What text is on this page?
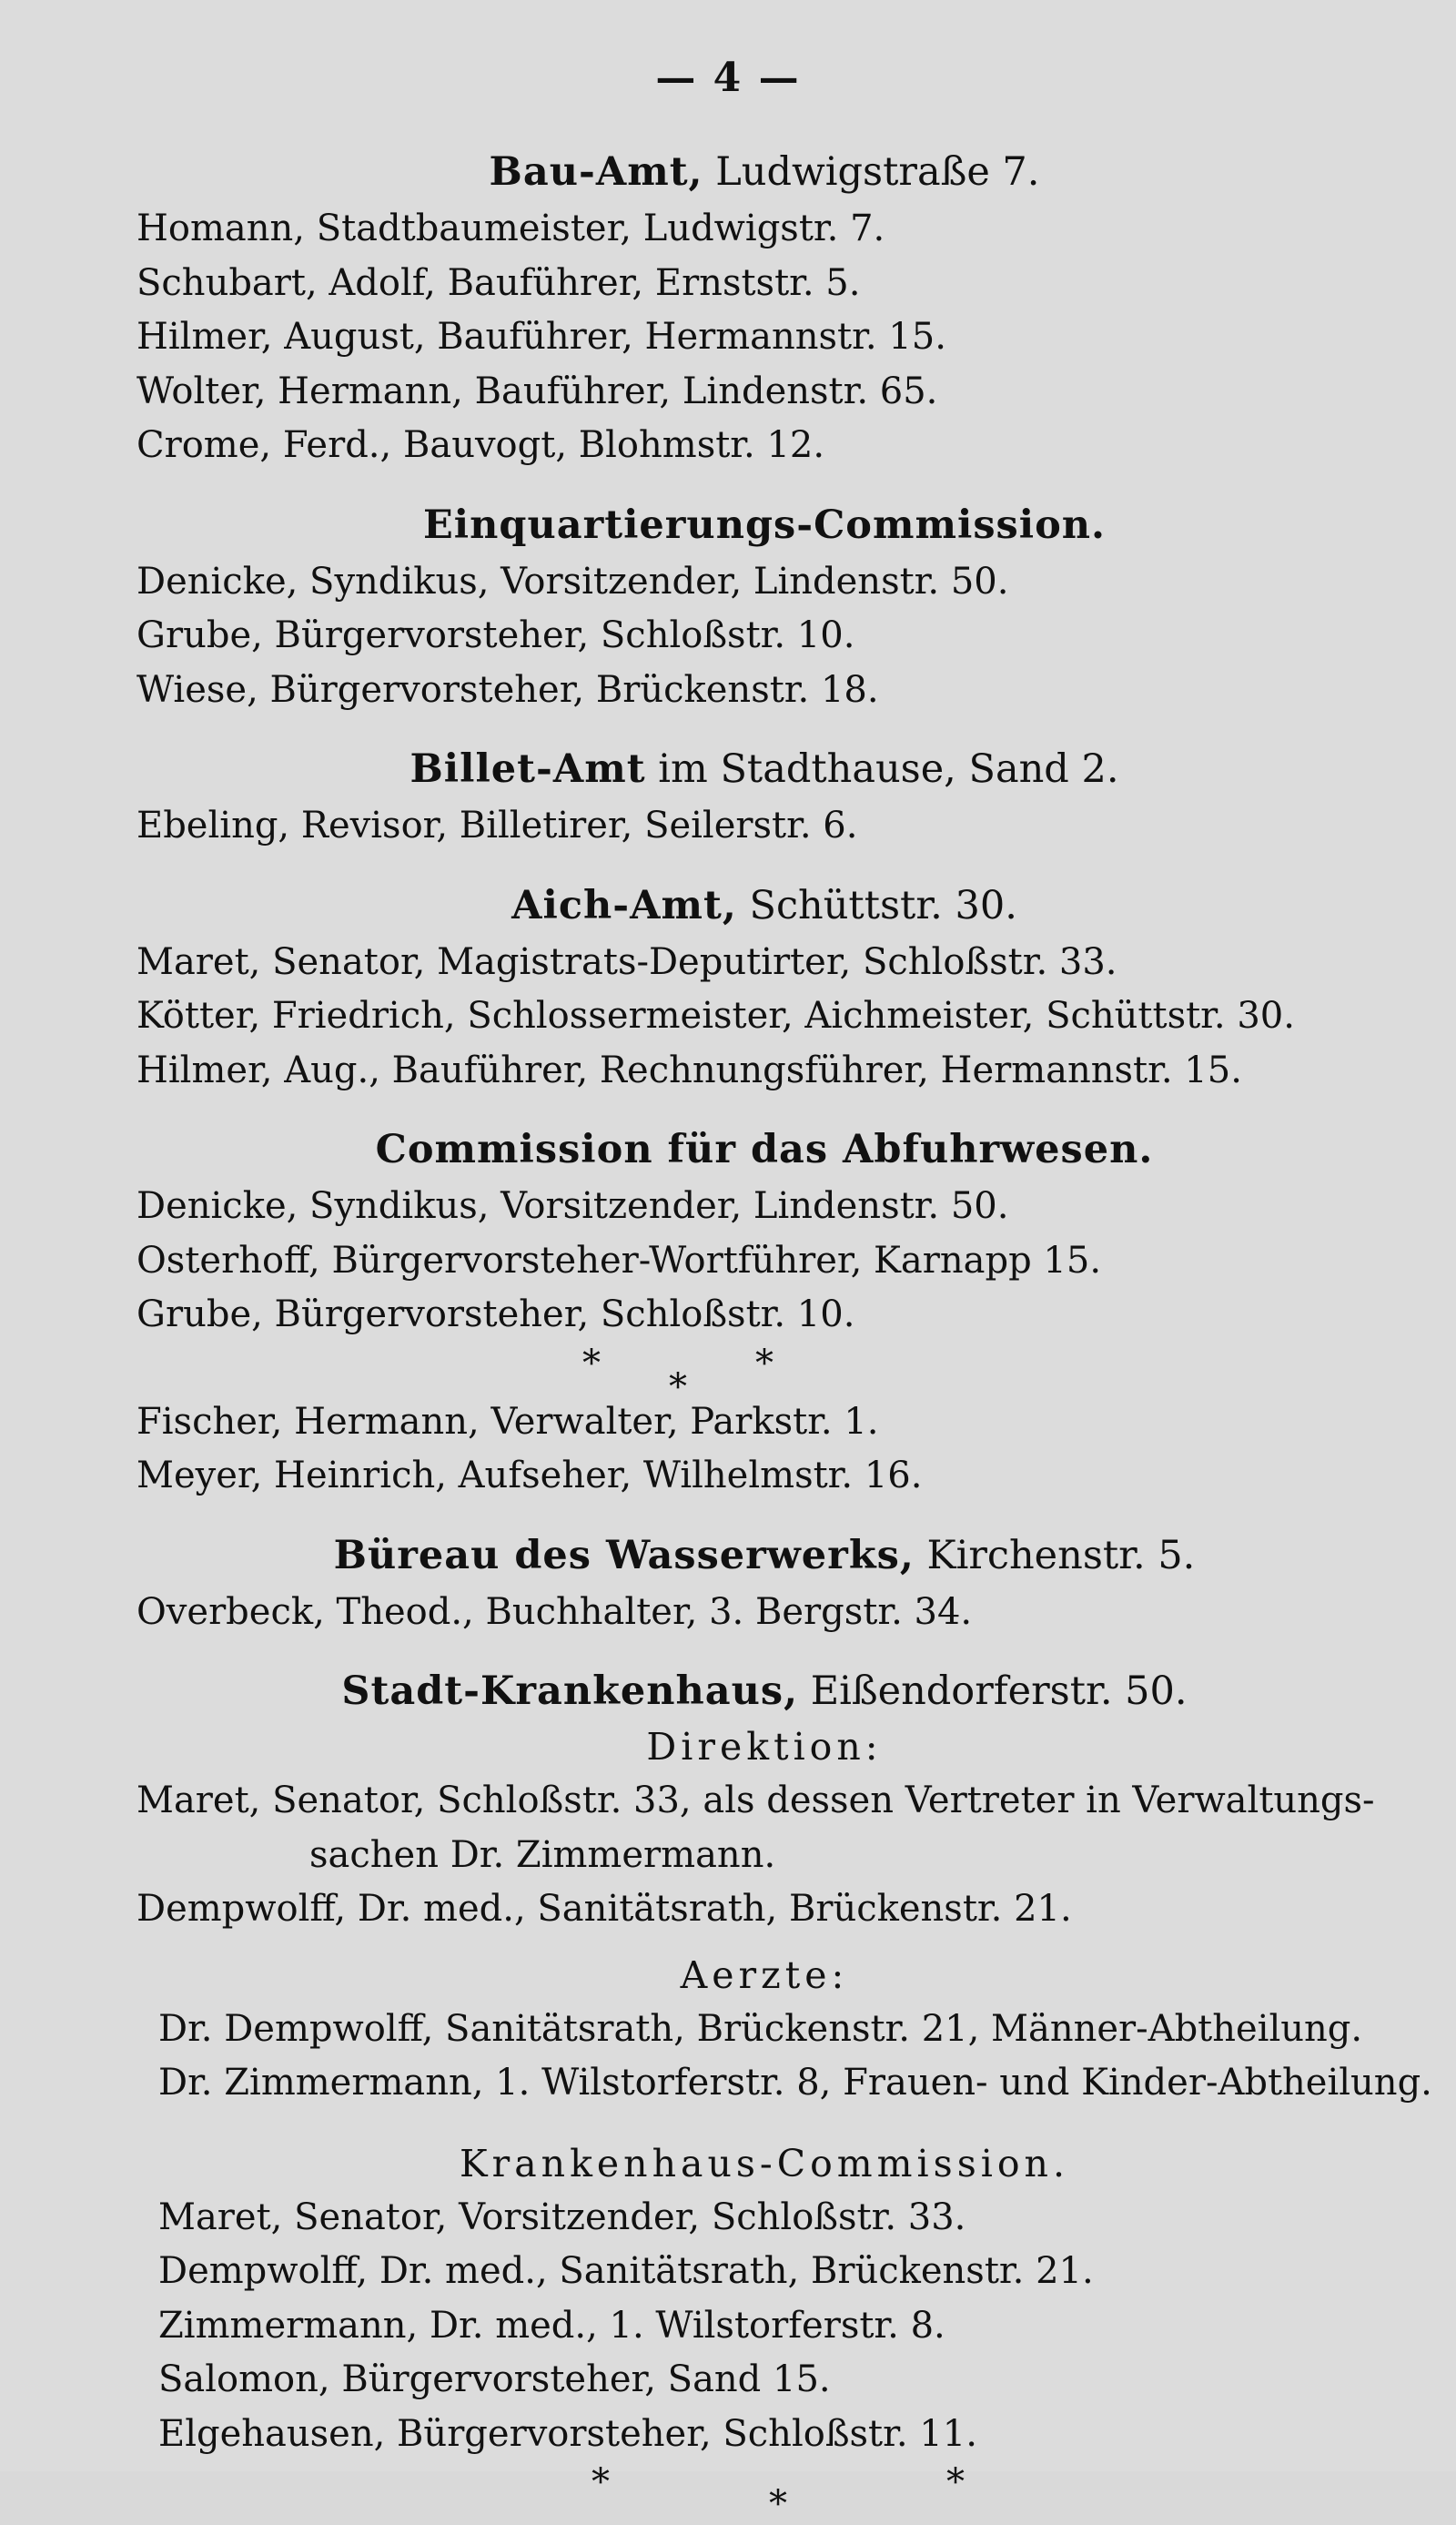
— 4 —
Bau-Amt, Ludwigstraße 7.
Homann, Stadtbaumeister, Ludwigstr. 7.
Schubart, Adolf, Bauführer, Ernststr. 5.
Hilmer, August, Bauführer, Hermannstr. 15.
Wolter, Hermann, Bauführer, Lindenstr. 65.
Crome, Ferd., Bauvogt, Blohmstr. 12.
Einquartierungs-Commission.
Denicke, Syndikus, Vorsitzender, Lindenstr. 50.
Grube, Bürgervorsteher, Schloßstr. 10.
Wiese, Bürgervorsteher, Brückenstr. 18.
Billet-Amt im Stadthause, Sand 2.
Ebeling, Revisor, Billetirer, Seilerstr. 6.
Aich-Amt, Schüttstr. 30.
Maret, Senator, Magistrats-Deputirter, Schloßstr. 33.
Kötter, Friedrich, Schlossermeister, Aichmeister, Schüttstr. 30.
Hilmer, Aug., Bauführer, Rechnungsführer, Hermannstr. 15.
Commission für das Abfuhrwesen.
Denicke, Syndikus, Vorsitzender, Lindenstr. 50.
Osterhoff, Bürgervorsteher-Wortführer, Karnapp 15.
Grube, Bürgervorsteher, Schloßstr. 10.
*	*
*
Fischer, Hermann, Verwalter, Parkstr. 1.
Meyer, Heinrich, Aufseher, Wilhelmstr. 16.
Büreau des Wasserwerks, Kirchenstr. 5.
Overbeck, Theod., Buchhalter, 3. Bergstr. 34.
Stadt-Krankenhaus, Eißendorferstr. 50.
Direktion:
Maret, Senator, Schloßstr. 33, als dessen Vertreter in Verwaltungs-
sachen Dr. Zimmermann.
Dempwolff, Dr. med., Sanitätsrath, Brückenstr. 21.
Aerzte:
Dr. Dempwolff, Sanitätsrath, Brückenstr. 21, Männer-Abtheilung.
Dr. Zimmermann, 1. Wilstorferstr. 8, Frauen- und Kinder-Abtheilung.
Krankenhaus-Commission.
Maret, Senator, Vorsitzender, Schloßstr. 33.
Dempwolff, Dr. med., Sanitätsrath, Brückenstr. 21.
Zimmermann, Dr. med., 1. Wilstorferstr. 8.
Salomon, Bürgervorsteher, Sand 15.
Elgehausen, Bürgervorsteher, Schloßstr. 11.
*	*
*
